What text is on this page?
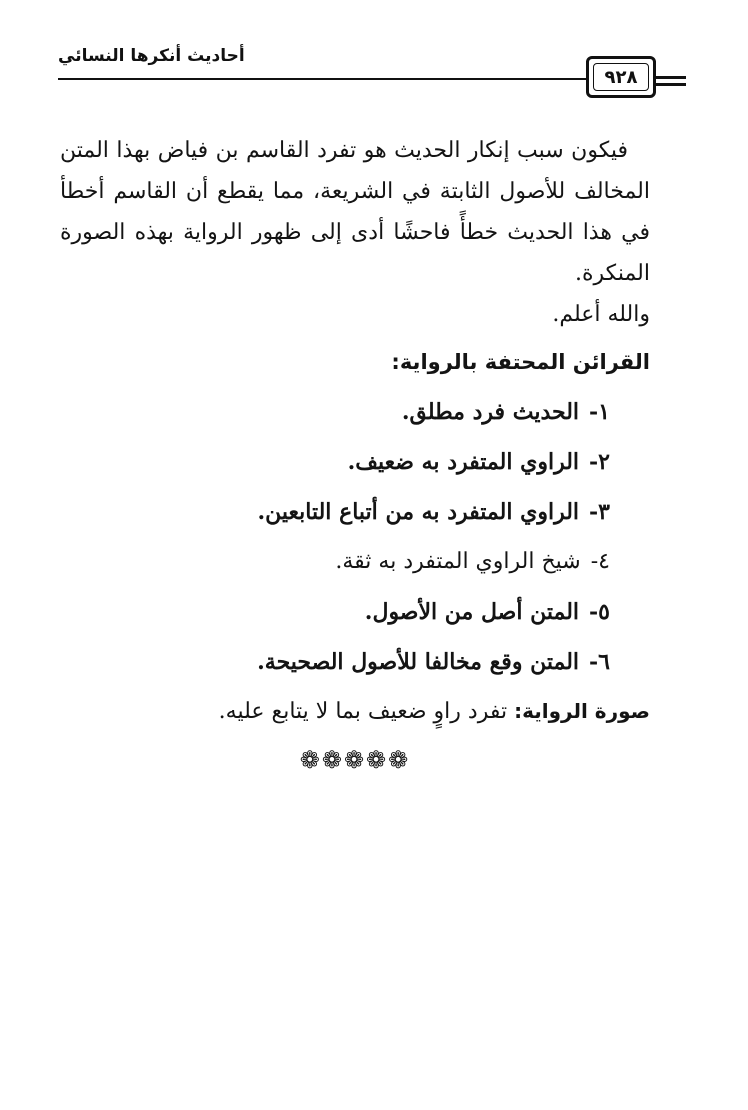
أحاديث أنكرها النسائي
٩٢٨

فيكون سبب إنكار الحديث هو تفرد القاسم بن فياض بهذا المتن المخالف للأصول الثابتة في الشريعة، مما يقطع أن القاسم أخطأ في هذا الحديث خطأً فاحشًا أدى إلى ظهور الرواية بهذه الصورة المنكرة.

والله أعلم.

القرائن المحتفة بالرواية:
١-الحديث فرد مطلق.
٢-الراوي المتفرد به ضعيف.
٣-الراوي المتفرد به من أتباع التابعين.
٤-شيخ الراوي المتفرد به ثقة.
٥-المتن أصل من الأصول.
٦-المتن وقع مخالفا للأصول الصحيحة.

صورة الرواية: تفرد راوٍ ضعيف بما لا يتابع عليه.

❁❁❁❁❁
